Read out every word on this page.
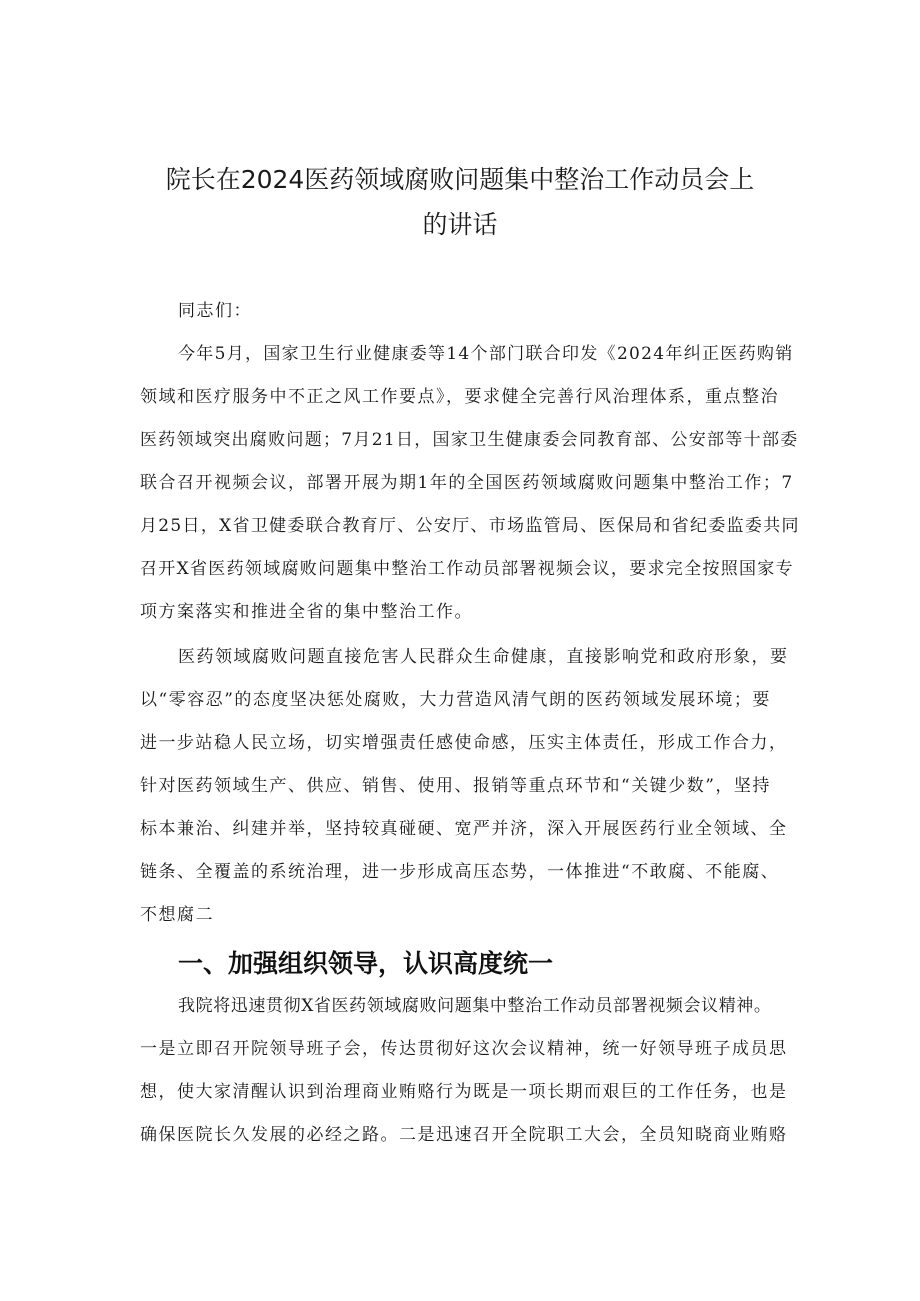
院长在2024医药领域腐败问题集中整治工作动员会上
的讲话
同志们：
今年5月，国家卫生行业健康委等14个部门联合印发《2024年纠正医药购销
领域和医疗服务中不正之风工作要点》，要求健全完善行风治理体系，重点整治
医药领域突出腐败问题；7月21日，国家卫生健康委会同教育部、公安部等十部委
联合召开视频会议，部署开展为期1年的全国医药领域腐败问题集中整治工作；7
月25日，X省卫健委联合教育厅、公安厅、市场监管局、医保局和省纪委监委共同
召开X省医药领域腐败问题集中整治工作动员部署视频会议，要求完全按照国家专
项方案落实和推进全省的集中整治工作。
医药领域腐败问题直接危害人民群众生命健康，直接影响党和政府形象，要
以“零容忍”的态度坚决惩处腐败，大力营造风清气朗的医药领域发展环境；要
进一步站稳人民立场，切实增强责任感使命感，压实主体责任，形成工作合力，
针对医药领域生产、供应、销售、使用、报销等重点环节和“关键少数”，坚持
标本兼治、纠建并举，坚持较真碰硬、宽严并济，深入开展医药行业全领域、全
链条、全覆盖的系统治理，进一步形成高压态势，一体推进“不敢腐、不能腐、
不想腐二
一、加强组织领导，认识高度统一
我院将迅速贯彻X省医药领域腐败问题集中整治工作动员部署视频会议精神。
一是立即召开院领导班子会，传达贯彻好这次会议精神，统一好领导班子成员思
想，使大家清醒认识到治理商业贿赂行为既是一项长期而艰巨的工作任务，也是
确保医院长久发展的必经之路。二是迅速召开全院职工大会，全员知晓商业贿赂
